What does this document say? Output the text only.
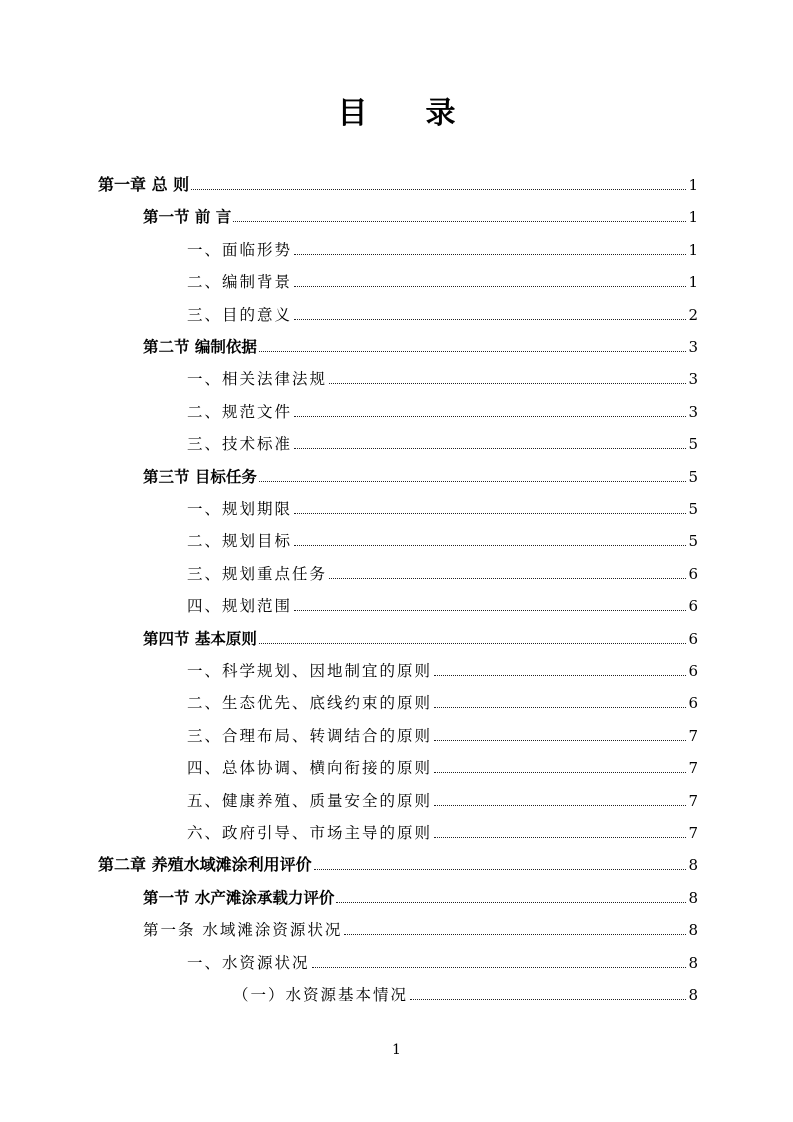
目 录
第一章 总 则	1
第一节 前 言	1
一、面临形势	1
二、编制背景	1
三、目的意义	2
第二节 编制依据	3
一、相关法律法规	3
二、规范文件	3
三、技术标准	5
第三节 目标任务	5
一、规划期限	5
二、规划目标	5
三、规划重点任务	6
四、规划范围	6
第四节 基本原则	6
一、科学规划、因地制宜的原则	6
二、生态优先、底线约束的原则	6
三、合理布局、转调结合的原则	7
四、总体协调、横向衔接的原则	7
五、健康养殖、质量安全的原则	7
六、政府引导、市场主导的原则	7
第二章 养殖水域滩涂利用评价	8
第一节 水产滩涂承载力评价	8
第一条 水域滩涂资源状况	8
一、水资源状况	8
（一）水资源基本情况	8
1
